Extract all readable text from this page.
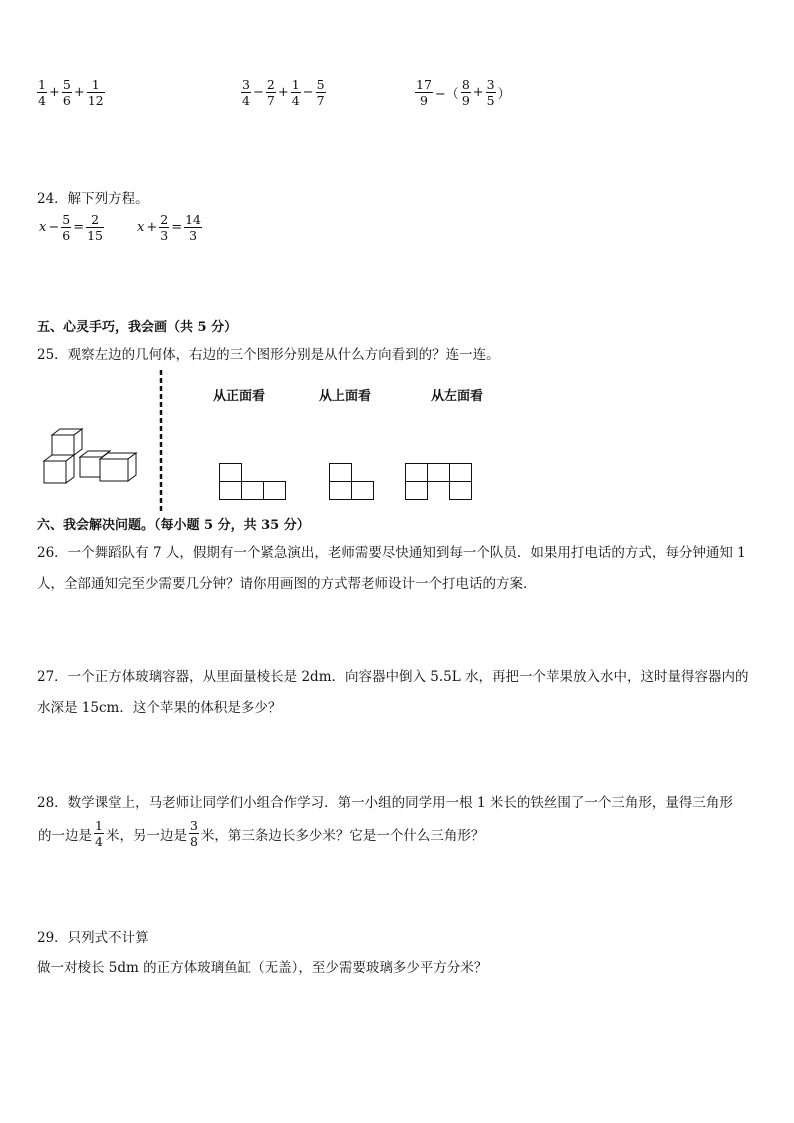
$\frac{1}{4} + \frac{5}{6} + \frac{1}{12}$	$\frac{3}{4} - \frac{2}{7} + \frac{1}{4} - \frac{5}{7}$	$\frac{17}{9}$ −（ $\frac{8}{9} + \frac{3}{5}$ ）
24．解下列方程。
$x - \frac{5}{6} = \frac{2}{15}$	$x + \frac{2}{3} = \frac{14}{3}$
五、心灵手巧，我会画（共 5 分）
25．观察左边的几何体，右边的三个图形分别是从什么方向看到的？连一连。
从正面看	从上面看	从左面看
六、我会解决问题。（每小题 5 分，共 35 分）
26．一个舞蹈队有 7 人，假期有一个紧急演出，老师需要尽快通知到每一个队员．如果用打电话的方式，每分钟通知 1
人，全部通知完至少需要几分钟？请你用画图的方式帮老师设计一个打电话的方案．
27．一个正方体玻璃容器，从里面量棱长是 2dm．向容器中倒入 5.5L 水，再把一个苹果放入水中，这时量得容器内的
水深是 15cm．这个苹果的体积是多少？
28．数学课堂上，马老师让同学们小组合作学习．第一小组的同学用一根 1 米长的铁丝围了一个三角形，量得三角形
的一边是 $\frac{1}{4}$ 米，另一边是 $\frac{3}{8}$ 米，第三条边长多少米？它是一个什么三角形？
29．只列式不计算
做一对棱长 5dm 的正方体玻璃鱼缸（无盖），至少需要玻璃多少平方分米？
